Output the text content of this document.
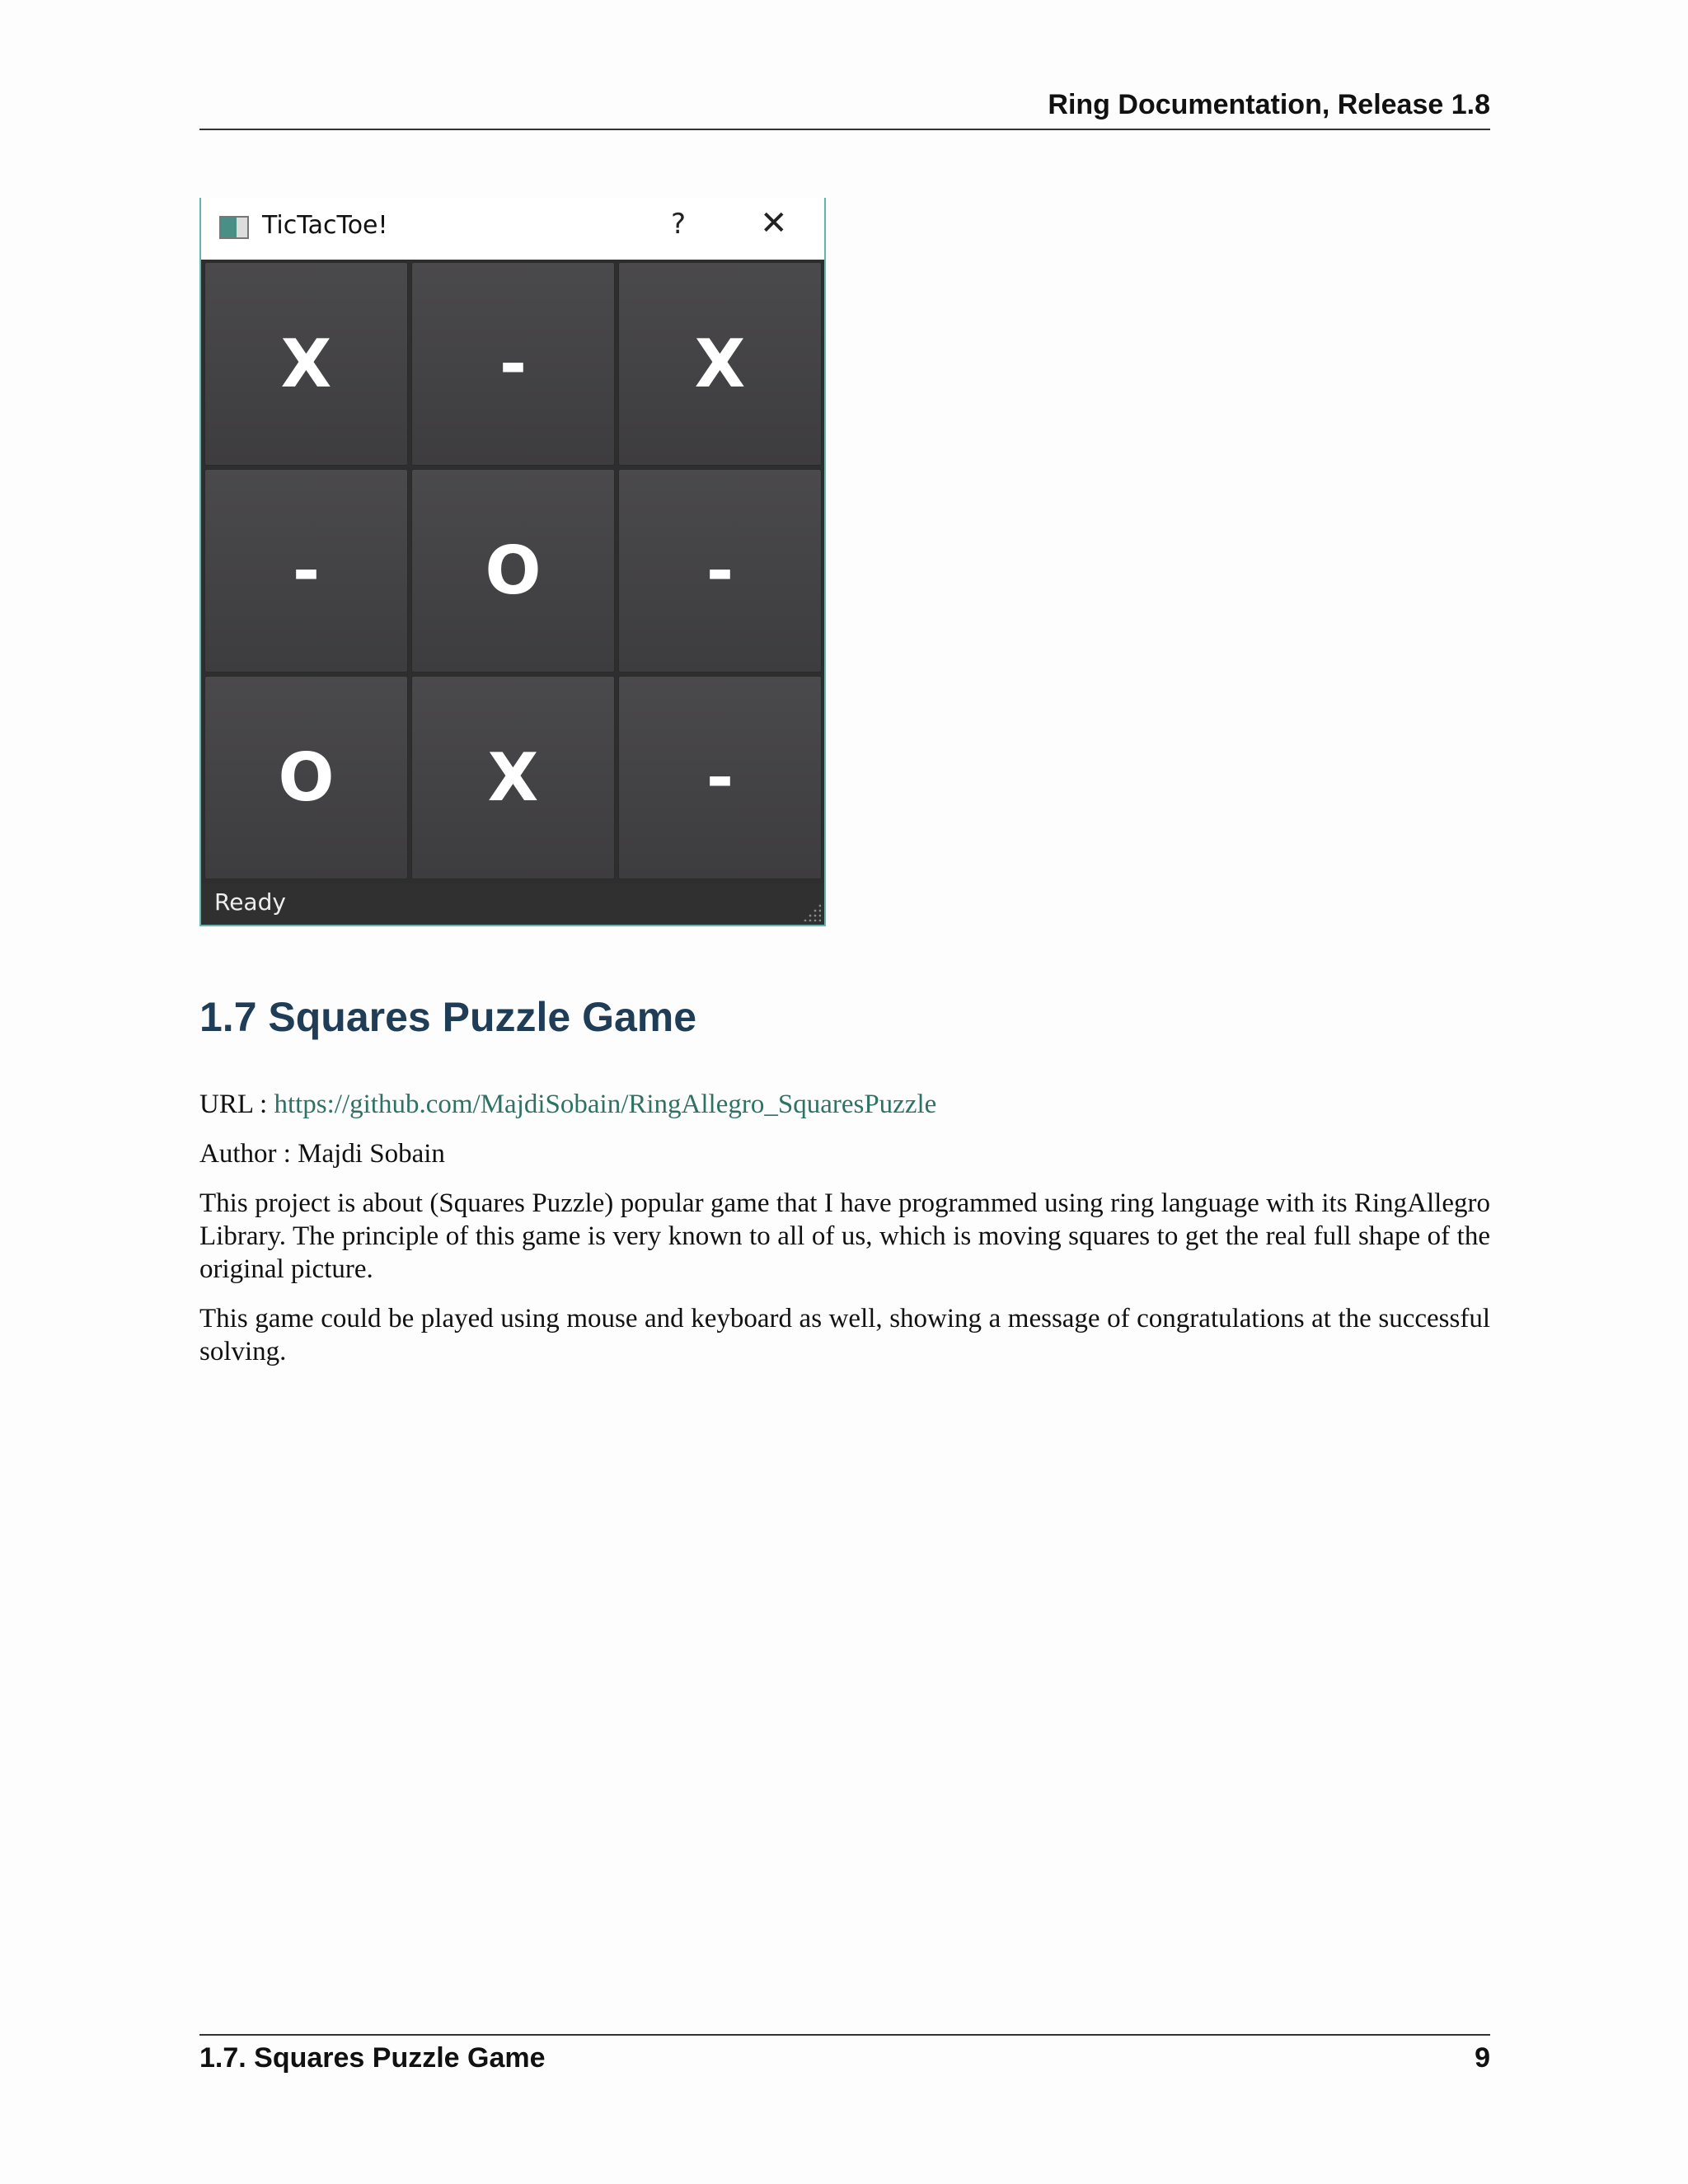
Ring Documentation, Release 1.8
TicTacToe!	? ✕
X	-	X
-	O	-
O	X	-
Ready
1.7 Squares Puzzle Game

URL : https://github.com/MajdiSobain/RingAllegro_SquaresPuzzle

Author : Majdi Sobain

This project is about (Squares Puzzle) popular game that I have programmed using ring language with its RingAllegro Library. The principle of this game is very known to all of us, which is moving squares to get the real full shape of the original picture.

This game could be played using mouse and keyboard as well, showing a message of congratulations at the successful solving.

1.7. Squares Puzzle Game	9
